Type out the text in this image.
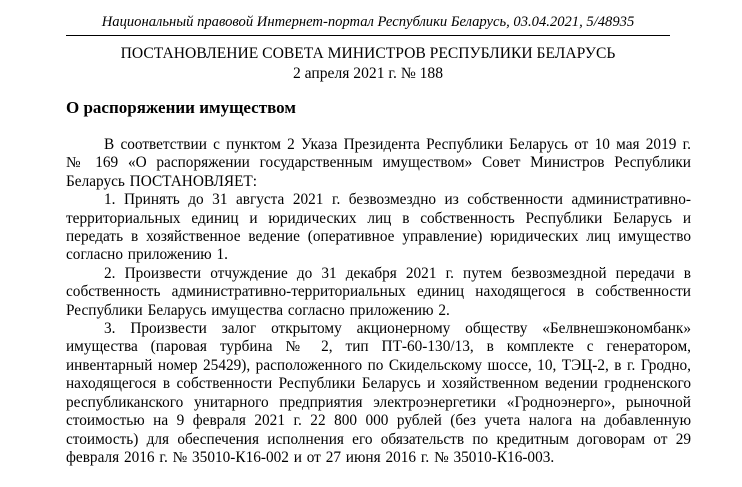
Национальный правовой Интернет-портал Республики Беларусь, 03.04.2021, 5/48935
ПОСТАНОВЛЕНИЕ СОВЕТА МИНИСТРОВ РЕСПУБЛИКИ БЕЛАРУСЬ
2 апреля 2021 г. № 188
О распоряжении имуществом

В соответствии с пунктом 2 Указа Президента Республики Беларусь от 10 мая 2019 г. № 169 «О распоряжении государственным имуществом» Совет Министров Республики Беларусь ПОСТАНОВЛЯЕТ:

1. Принять до 31 августа 2021 г. безвозмездно из собственности административно-территориальных единиц и юридических лиц в собственность Республики Беларусь и передать в хозяйственное ведение (оперативное управление) юридических лиц имущество согласно приложению 1.

2. Произвести отчуждение до 31 декабря 2021 г. путем безвозмездной передачи в собственность административно-территориальных единиц находящегося в собственности Республики Беларусь имущества согласно приложению 2.

3. Произвести залог открытому акционерному обществу «Белвнешэкономбанк» имущества (паровая турбина № 2, тип ПТ-60-130/13, в комплекте с генератором, инвентарный номер 25429), расположенного по Скидельскому шоссе, 10, ТЭЦ-2, в г. Гродно, находящегося в собственности Республики Беларусь и хозяйственном ведении гродненского республиканского унитарного предприятия электроэнергетики «Гродноэнерго», рыночной стоимостью на 9 февраля 2021 г. 22 800 000 рублей (без учета налога на добавленную стоимость) для обеспечения исполнения его обязательств по кредитным договорам от 29 февраля 2016 г. № 35010-К16-002 и от 27 июня 2016 г. № 35010-К16-003.
